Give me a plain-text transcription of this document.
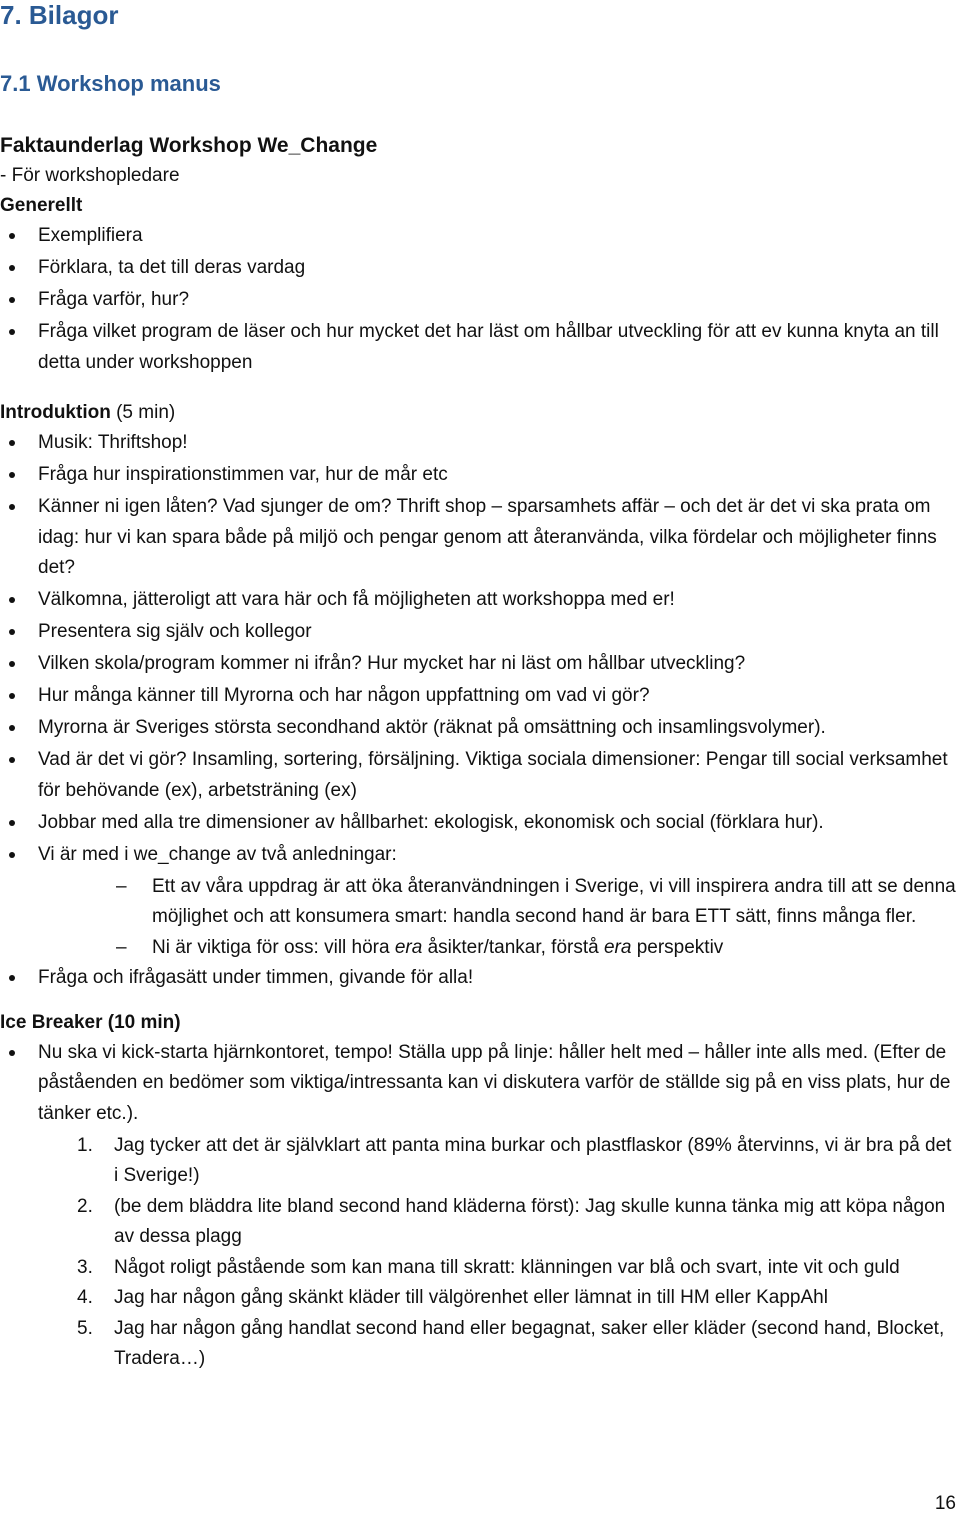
7. Bilagor
7.1 Workshop manus
Faktaunderlag Workshop We_Change
- För workshopledare
Generellt
Exemplifiera
Förklara, ta det till deras vardag
Fråga varför, hur?
Fråga vilket program de läser och hur mycket det har läst om hållbar utveckling för att ev kunna knyta an till detta under workshoppen
Introduktion (5 min)
Musik: Thriftshop!
Fråga hur inspirationstimmen var, hur de mår etc
Känner ni igen låten? Vad sjunger de om? Thrift shop – sparsamhets affär – och det är det vi ska prata om idag: hur vi kan spara både på miljö och pengar genom att återanvända, vilka fördelar och möjligheter finns det?
Välkomna, jätteroligt att vara här och få möjligheten att workshoppa med er!
Presentera sig själv och kollegor
Vilken skola/program kommer ni ifrån? Hur mycket har ni läst om hållbar utveckling?
Hur många känner till Myrorna och har någon uppfattning om vad vi gör?
Myrorna är Sveriges största secondhand aktör (räknat på omsättning och insamlingsvolymer).
Vad är det vi gör? Insamling, sortering, försäljning. Viktiga sociala dimensioner: Pengar till social verksamhet för behövande (ex), arbetsträning (ex)
Jobbar med alla tre dimensioner av hållbarhet: ekologisk, ekonomisk och social (förklara hur).
Vi är med i we_change av två anledningar:
– Ett av våra uppdrag är att öka återanvändningen i Sverige, vi vill inspirera andra till att se denna möjlighet och att konsumera smart: handla second hand är bara ETT sätt, finns många fler.
– Ni är viktiga för oss: vill höra era åsikter/tankar, förstå era perspektiv
Fråga och ifrågasätt under timmen, givande för alla!
Ice Breaker (10 min)
Nu ska vi kick-starta hjärnkontoret, tempo! Ställa upp på linje: håller helt med – håller inte alls med. (Efter de påståenden en bedömer som viktiga/intressanta kan vi diskutera varför de ställde sig på en viss plats, hur de tänker etc.).
1. Jag tycker att det är självklart att panta mina burkar och plastflaskor (89% återvinns, vi är bra på det i Sverige!)
2. (be dem bläddra lite bland second hand kläderna först): Jag skulle kunna tänka mig att köpa någon av dessa plagg
3. Något roligt påstående som kan mana till skratt: klänningen var blå och svart, inte vit och guld
4. Jag har någon gång skänkt kläder till välgörenhet eller lämnat in till HM eller KappAhl
5. Jag har någon gång handlat second hand eller begagnat, saker eller kläder (second hand, Blocket, Tradera…)
16
